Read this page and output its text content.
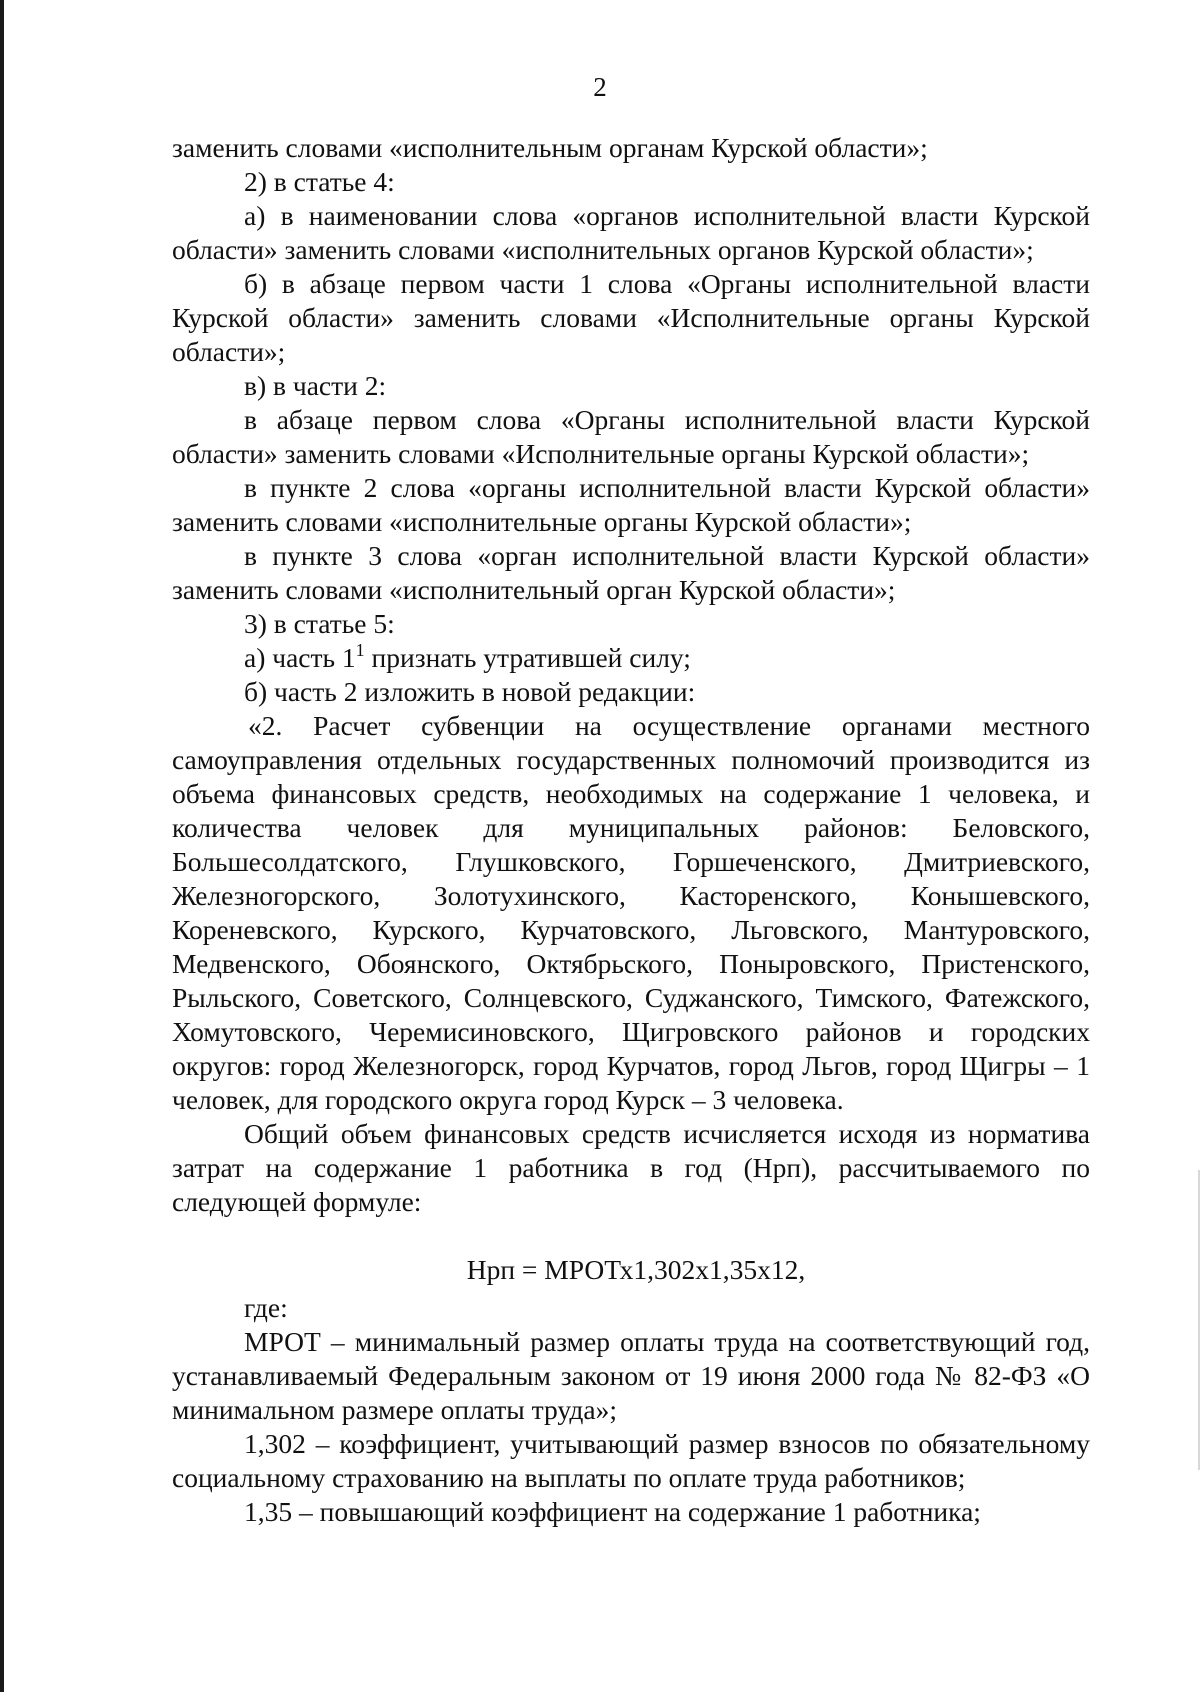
2

заменить словами «исполнительным органам Курской области»;

2) в статье 4:

а) в наименовании слова «органов исполнительной власти Курской области» заменить словами «исполнительных органов Курской области»;

б) в абзаце первом части 1 слова «Органы исполнительной власти Курской области» заменить словами «Исполнительные органы Курской области»;

в) в части 2:

в абзаце первом слова «Органы исполнительной власти Курской области» заменить словами «Исполнительные органы Курской области»;

в пункте 2 слова «органы исполнительной власти Курской области» заменить словами «исполнительные органы Курской области»;

в пункте 3 слова «орган исполнительной власти Курской области» заменить словами «исполнительный орган Курской области»;

3) в статье 5:

а) часть $1^1$ признать утратившей силу;

б) часть 2 изложить в новой редакции:

«2. Расчет субвенции на осуществление органами местного самоуправления отдельных государственных полномочий производится из объема финансовых средств, необходимых на содержание 1 человека, и количества человек для муниципальных районов: Беловского, Большесолдатского, Глушковского, Горшеченского, Дмитриевского, Железногорского, Золотухинского, Касторенского, Конышевского, Кореневского, Курского, Курчатовского, Льговского, Мантуровского, Медвенского, Обоянского, Октябрьского, Поныровского, Пристенского, Рыльского, Советского, Солнцевского, Суджанского, Тимского, Фатежского, Хомутовского, Черемисиновского, Щигровского районов и городских округов: город Железногорск, город Курчатов, город Льгов, город Щигры – 1 человек, для городского округа город Курск – 3 человека.

Общий объем финансовых средств исчисляется исходя из норматива затрат на содержание 1 работника в год (Нрп), рассчитываемого по следующей формуле:

Нрп = МРОТх1,302х1,35х12,

где:

МРОТ – минимальный размер оплаты труда на соответствующий год, устанавливаемый Федеральным законом от 19 июня 2000 года № 82-ФЗ «О минимальном размере оплаты труда»;

1,302 – коэффициент, учитывающий размер взносов по обязательному социальному страхованию на выплаты по оплате труда работников;

1,35 – повышающий коэффициент на содержание 1 работника;
